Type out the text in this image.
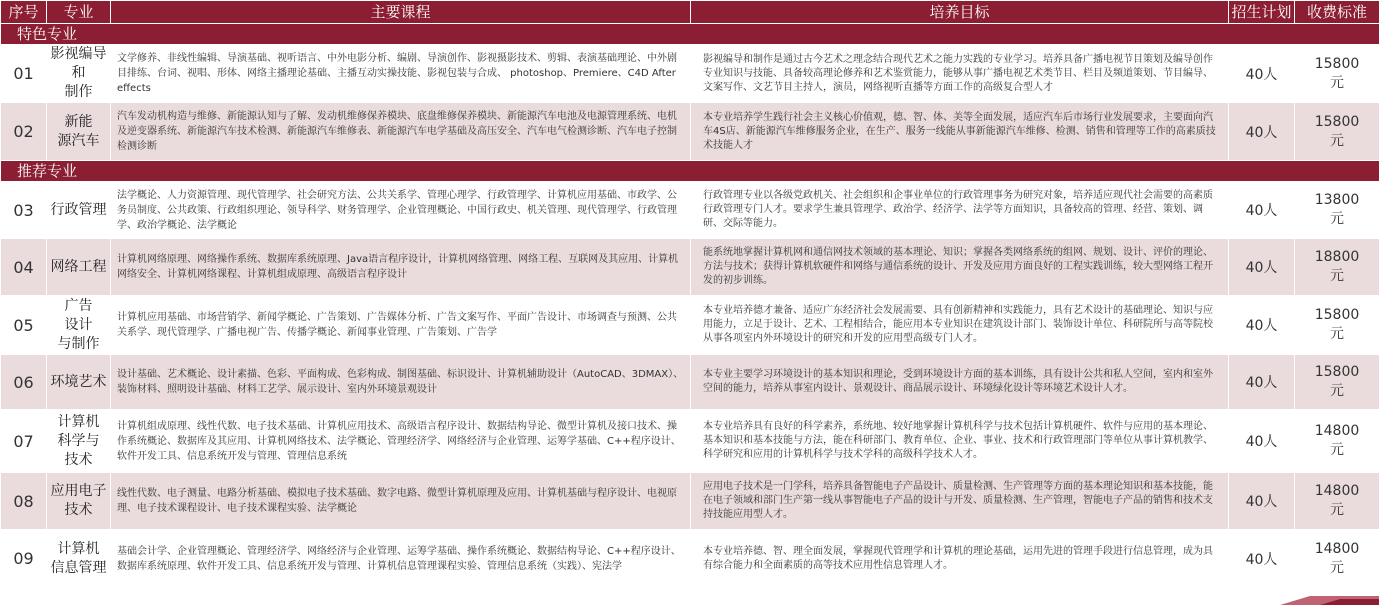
序号	专业	主要课程	培养目标	招生计划	收费标准
特色专业					
01	影视编导
和
制作	文学修养、非线性编辑、导演基础、视听语言、中外电影分析、编剧、导演创作、影视摄影技术、剪辑、表演基础理论、中外剧目排练、台词、视唱、形体、网络主播理论基础、主播互动实操技能、影视包装与合成、 photoshop、Premiere、C4D After effects	影视编导和制作是通过古今艺术之理念结合现代艺术之能力实践的专业学习。培养具备广播电视节目策划及编导创作专业知识与技能、具备较高理论修养和艺术鉴赏能力，能够从事广播电视艺术类节目、栏目及频道策划、节目编导、文案写作、文艺节目主持人，演员，网络视听直播等方面工作的高级复合型人才	40人	15800
元

02	新能
源汽车	汽车发动机构造与维修、新能源认知与了解、发动机维修保养模块、底盘维修保养模块、新能源汽车电池及电源管理系统、电机及逆变器系统、新能源汽车技术检测、新能源汽车维修表、新能源汽车电学基础及高压安全、汽车电气检测诊断、汽车电子控制检测诊断	本专业培养学生践行社会主义核心价值观，德、智、体、美等全面发展，适应汽车后市场行业发展要求，主要面向汽车4S店、新能源汽车维修服务企业，在生产、服务一线能从事新能源汽车维修、检测、销售和管理等工作的高素质技术技能人才	40人	15800
元

推荐专业					
03	行政管理	法学概论、人力资源管理、现代管理学、社会研究方法、公共关系学、管理心理学、行政管理学、计算机应用基础、市政学、公务员制度、公共政策、行政组织理论、领导科学、财务管理学、企业管理概论、中国行政史、机关管理、现代管理学、行政管理学、政治学概论、法学概论	行政管理专业以各级党政机关、社会组织和企事业单位的行政管理事务为研究对象，培养适应现代社会需要的高素质行政管理专门人才。要求学生兼具管理学、政治学、经济学、法学等方面知识，具备较高的管理、经营、策划、调研、交际等能力。	40人	13800
元

04	网络工程	计算机网络原理、网络操作系统、数据库系统原理、Java语言程序设计，计算机网络管理、网络工程、互联网及其应用、计算机网络安全、计算机网络课程、计算机组成原理、高级语言程序设计	能系统地掌握计算机网和通信网技术领域的基本理论、知识；掌握各类网络系统的组网、规划、设计、评价的理论、方法与技术；获得计算机软硬件和网络与通信系统的设计、开发及应用方面良好的工程实践训练，较大型网络工程开发的初步训练。	40人	18800
元

05	广告
设计
与制作	计算机应用基础、市场营销学、新闻学概论、广告策划、广告媒体分析、广告文案写作、平面广告设计、市场调查与预测、公共关系学、现代管理学、广播电视广告、传播学概论、新闻事业管理、广告策划、广告学	本专业培养德才兼备、适应广东经济社会发展需要、具有创新精神和实践能力，具有艺术设计的基础理论、知识与应用能力，立足于设计、艺术、工程相结合，能应用本专业知识在建筑设计部门、装饰设计单位、科研院所与高等院校从事各项室内外环境设计的研究和开发的应用型高级专门人才。	40人	15800
元

06	环境艺术	设计基础、艺术概论、设计素描、色彩、平面构成、色彩构成、制图基础、标识设计、计算机辅助设计（AutoCAD、3DMAX）、装饰材料、照明设计基础、材料工艺学、展示设计、室内外环境景观设计	本专业主要学习环境设计的基本知识和理论，受到环境设计方面的基本训练，具有设计公共和私人空间，室内和室外空间的能力，培养从事室内设计、景观设计、商品展示设计、环境绿化设计等环境艺术设计人才。	40人	15800
元

07	计算机
科学与
技术	计算机组成原理、线性代数、电子技术基础、计算机应用技术、高级语言程序设计、数据结构导论、微型计算机及接口技术、操作系统概论、数据库及其应用、计算机网络技术、法学概论、管理经济学、网络经济与企业管理、运筹学基础、C++程序设计、软件开发工具、信息系统开发与管理、管理信息系统	本专业培养具有良好的科学素养，系统地、较好地掌握计算机科学与技术包括计算机硬件、软件与应用的基本理论、基本知识和基本技能与方法，能在科研部门、教育单位、企业、事业、技术和行政管理部门等单位从事计算机教学、科学研究和应用的计算机科学与技术学科的高级科学技术人才。	40人	14800
元

08	应用电子
技术	线性代数、电子测量、电路分析基础、模拟电子技术基础、数字电路、微型计算机原理及应用、计算机基础与程序设计、电视原理、电子技术课程设计、电子技术课程实验、法学概论	应用电子技术是一门学科，培养具备智能电子产品设计、质量检测、生产管理等方面的基本理论知识和基本技能，能在电子领域和部门生产第一线从事智能电子产品的设计与开发、质量检测、生产管理，智能电子产品的销售和技术支持技能应用型人才。	40人	14800
元

09	计算机
信息管理	基础会计学、企业管理概论、管理经济学、网络经济与企业管理、运筹学基础、操作系统概论、数据结构导论、C++程序设计、数据库系统原理、软件开发工具、信息系统开发与管理、计算机信息管理课程实验、管理信息系统（实践）、宪法学	本专业培养德、智、理全面发展，掌握现代管理学和计算机的理论基础，运用先进的管理手段进行信息管理，成为具有综合能力和全面素质的高等技术应用性信息管理人才。	40人	14800
元
